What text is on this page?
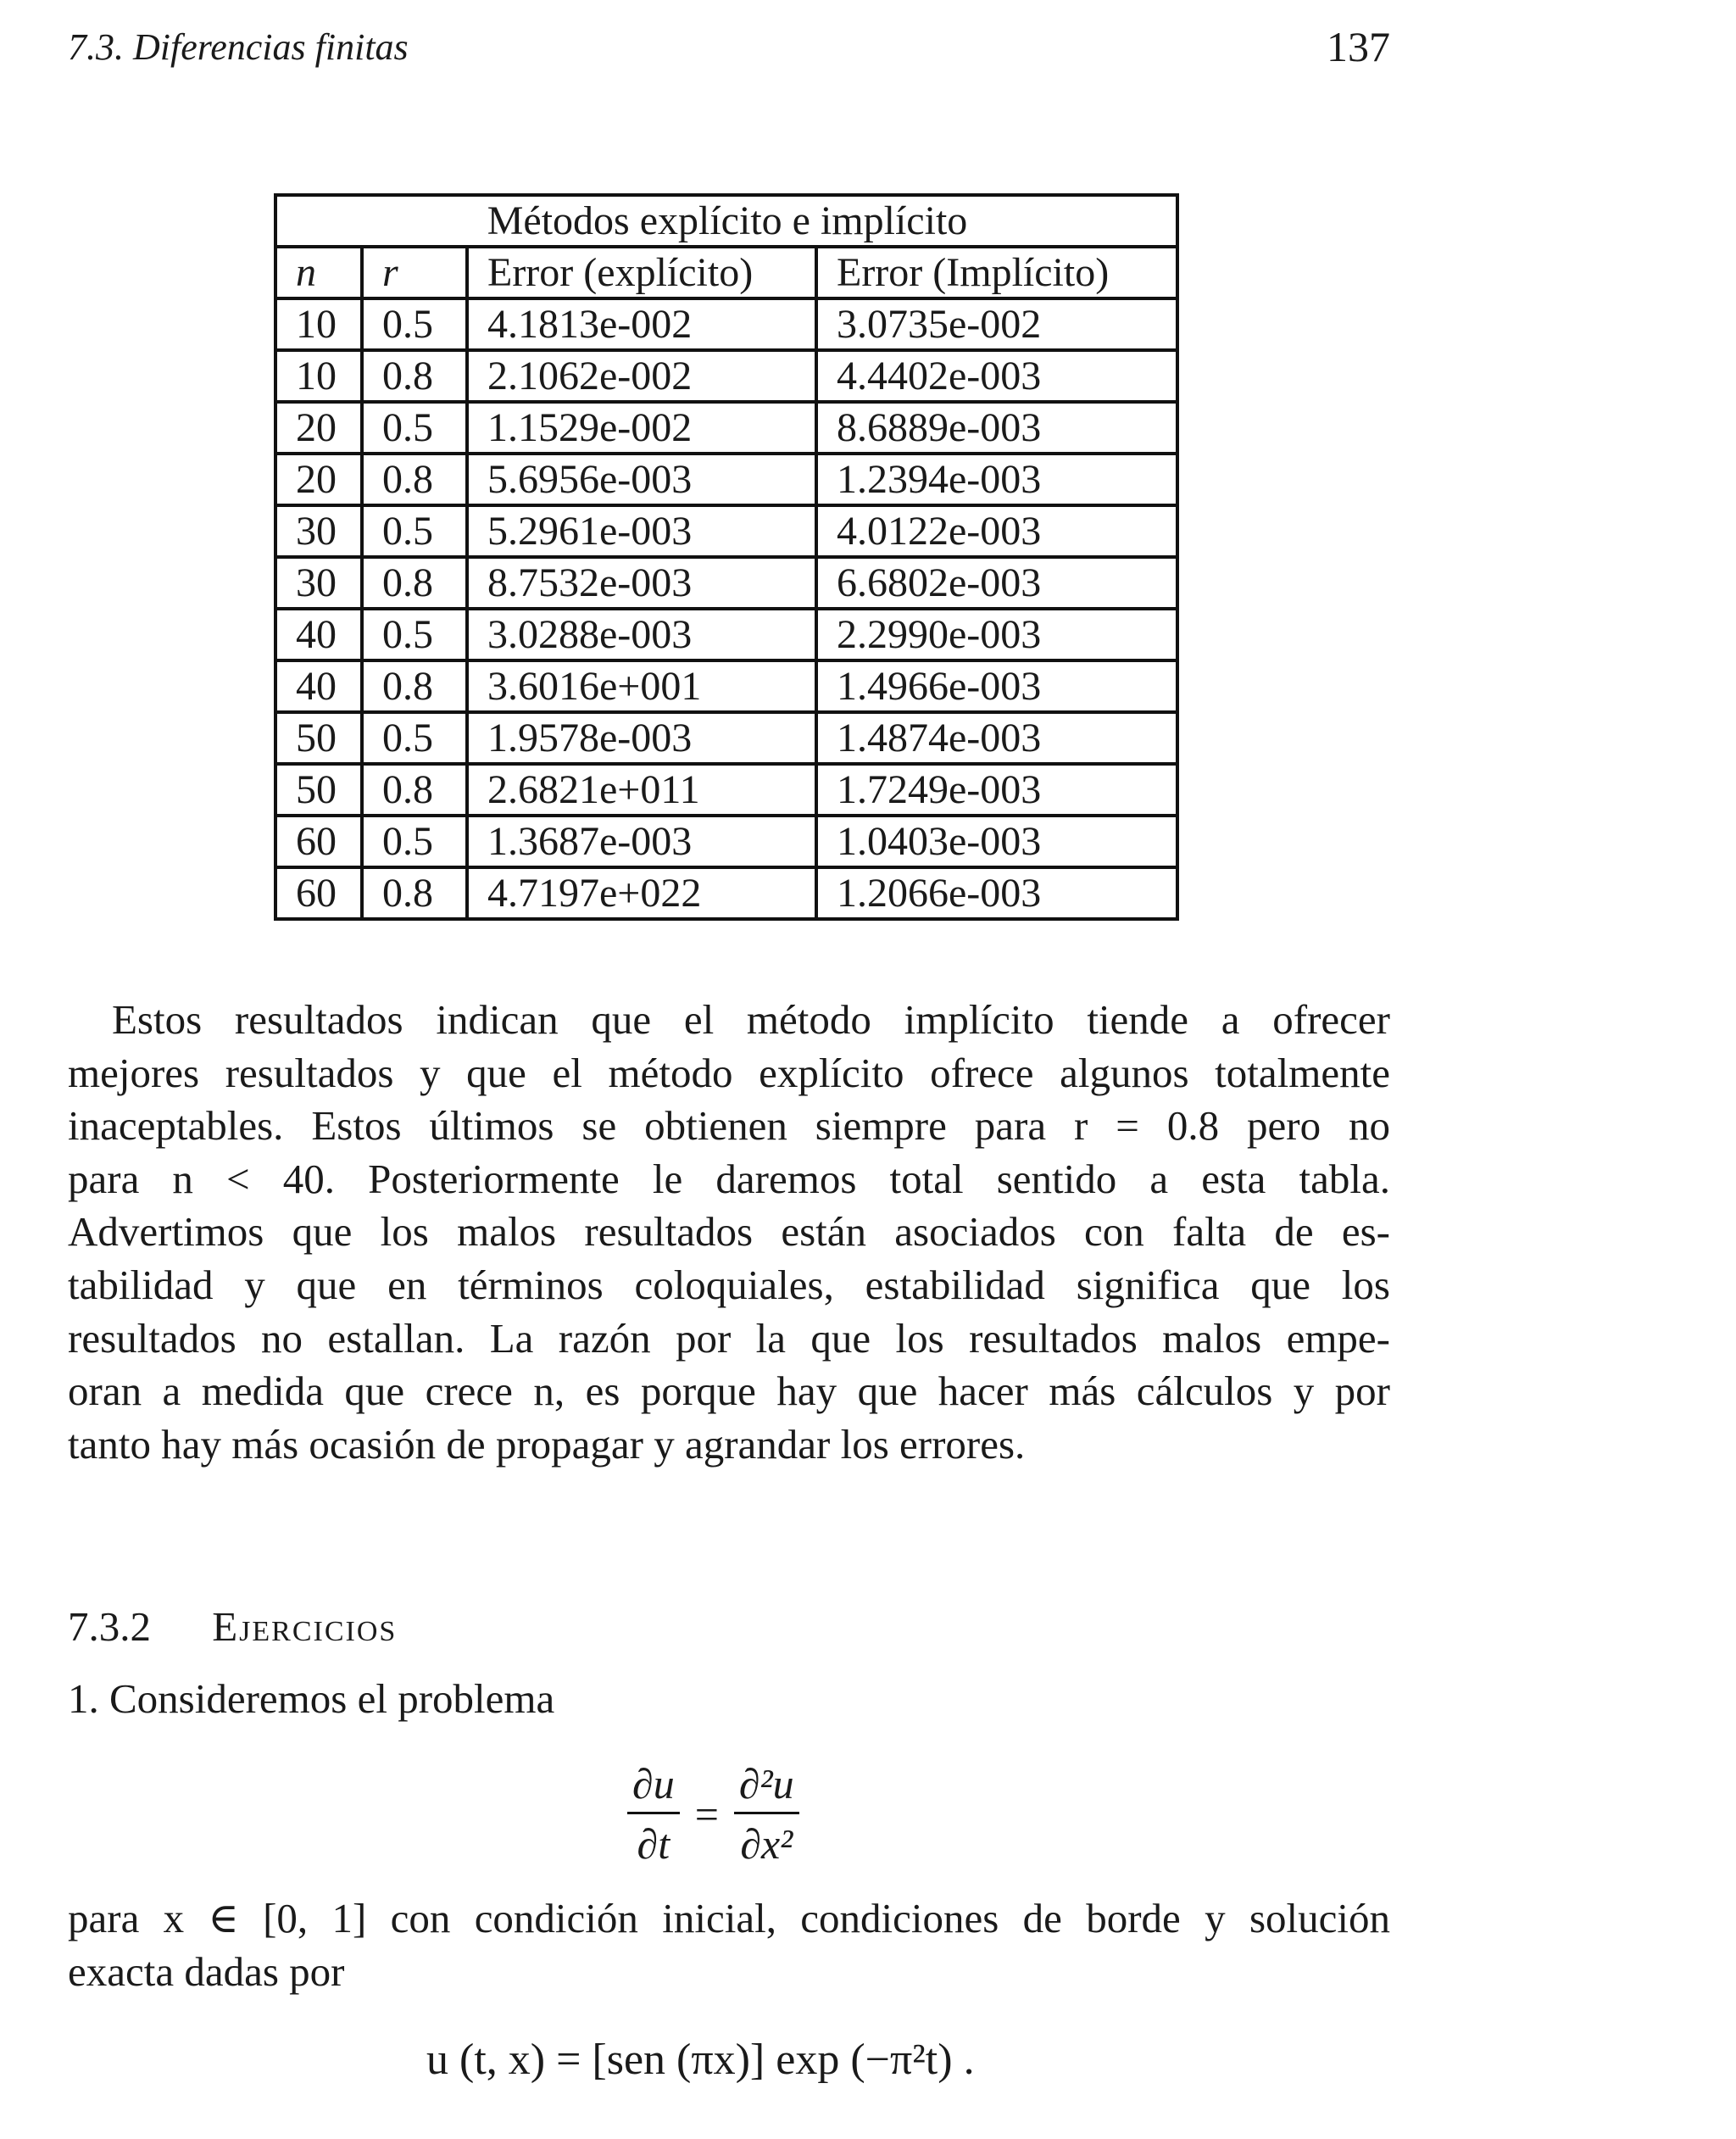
7.3. Diferencias finitas	137
Métodos explícito e implícito			
n	r	Error (explícito)	Error (Implícito)
10	0.5	4.1813e-002	3.0735e-002
10	0.8	2.1062e-002	4.4402e-003
20	0.5	1.1529e-002	8.6889e-003
20	0.8	5.6956e-003	1.2394e-003
30	0.5	5.2961e-003	4.0122e-003
30	0.8	8.7532e-003	6.6802e-003
40	0.5	3.0288e-003	2.2990e-003
40	0.8	3.6016e+001	1.4966e-003
50	0.5	1.9578e-003	1.4874e-003
50	0.8	2.6821e+011	1.7249e-003
60	0.5	1.3687e-003	1.0403e-003
60	0.8	4.7197e+022	1.2066e-003
Estos resultados indican que el método implícito tiende a ofrecer
mejores resultados y que el método explícito ofrece algunos totalmente
inaceptables. Estos últimos se obtienen siempre para r = 0.8 pero no
para n < 40. Posteriormente le daremos total sentido a esta tabla.
Advertimos que los malos resultados están asociados con falta de es-
tabilidad y que en términos coloquiales, estabilidad significa que los
resultados no estallan. La razón por la que los resultados malos empe-
oran a medida que crece n, es porque hay que hacer más cálculos y por
tanto hay más ocasión de propagar y agrandar los errores.
7.3.2 Ejercicios
1. Consideremos el problema
$\frac{\partial u}{\partial t} = \frac{\text{∂²u}}{\text{∂x²}}$
para x ∈ [0, 1] con condición inicial, condiciones de borde y solución
exacta dadas por
u (t, x) = [sen (πx)] exp (−π²t) .
